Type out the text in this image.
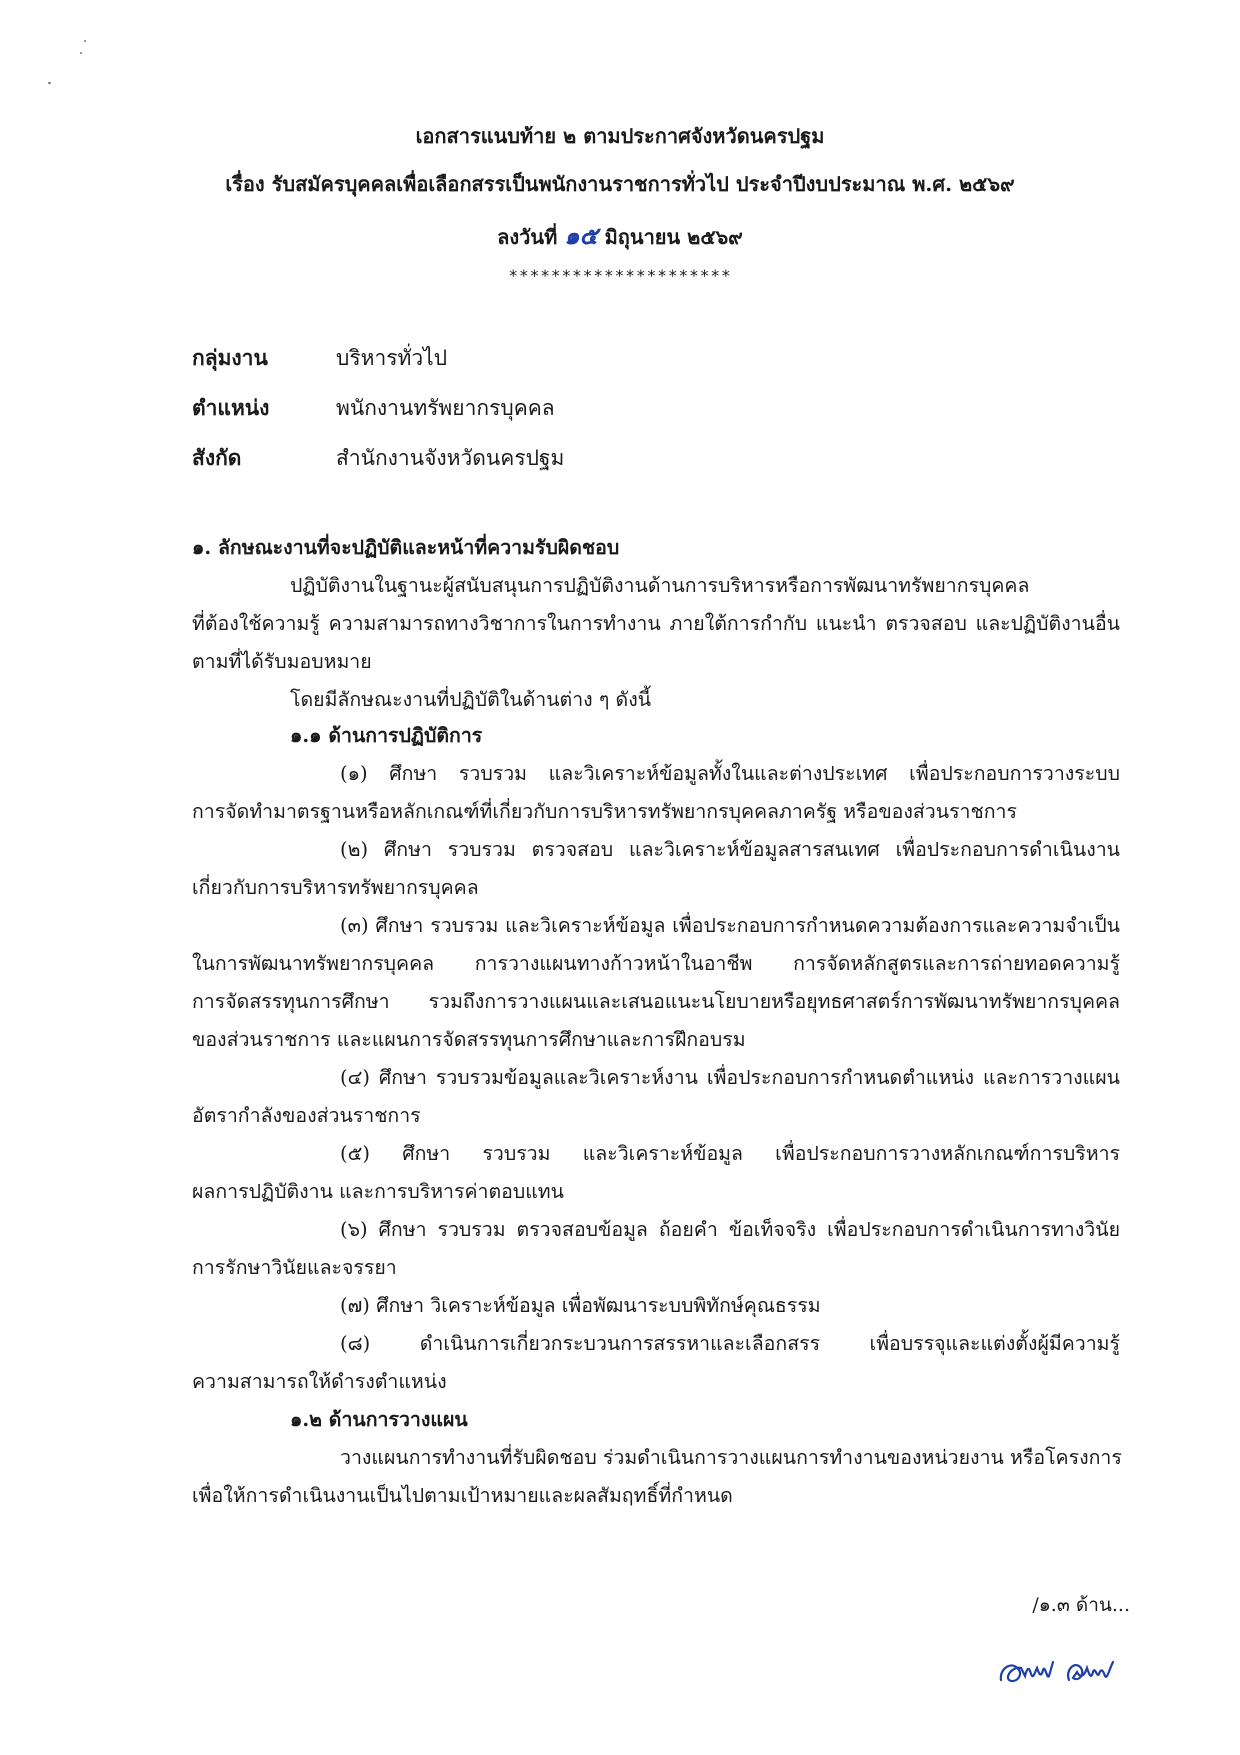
เอกสารแนบท้าย ๒ ตามประกาศจังหวัดนครปฐม
เรื่อง รับสมัครบุคคลเพื่อเลือกสรรเป็นพนักงานราชการทั่วไป ประจำปีงบประมาณ พ.ศ. ๒๕๖๙
ลงวันที่ ๑๕ มิถุนายน ๒๕๖๙
*********************
กลุ่มงาน	บริหารทั่วไป
ตำแหน่ง	พนักงานทรัพยากรบุคคล
สังกัด	สำนักงานจังหวัดนครปฐม
๑. ลักษณะงานที่จะปฏิบัติและหน้าที่ความรับผิดชอบ
ปฏิบัติงานในฐานะผู้สนับสนุนการปฏิบัติงานด้านการบริหารหรือการพัฒนาทรัพยากรบุคคล
ที่ต้องใช้ความรู้ ความสามารถทางวิชาการในการทำงาน ภายใต้การกำกับ แนะนำ ตรวจสอบ และปฏิบัติงานอื่น
ตามที่ได้รับมอบหมาย
โดยมีลักษณะงานที่ปฏิบัติในด้านต่าง ๆ ดังนี้
๑.๑ ด้านการปฏิบัติการ
(๑) ศึกษา รวบรวม และวิเคราะห์ข้อมูลทั้งในและต่างประเทศ เพื่อประกอบการวางระบบ
การจัดทำมาตรฐานหรือหลักเกณฑ์ที่เกี่ยวกับการบริหารทรัพยากรบุคคลภาครัฐ หรือของส่วนราชการ
(๒) ศึกษา รวบรวม ตรวจสอบ และวิเคราะห์ข้อมูลสารสนเทศ เพื่อประกอบการดำเนินงาน
เกี่ยวกับการบริหารทรัพยากรบุคคล
(๓) ศึกษา รวบรวม และวิเคราะห์ข้อมูล เพื่อประกอบการกำหนดความต้องการและความจำเป็น
ในการพัฒนาทรัพยากรบุคคล การวางแผนทางก้าวหน้าในอาชีพ การจัดหลักสูตรและการถ่ายทอดความรู้
การจัดสรรทุนการศึกษา รวมถึงการวางแผนและเสนอแนะนโยบายหรือยุทธศาสตร์การพัฒนาทรัพยากรบุคคล
ของส่วนราชการ และแผนการจัดสรรทุนการศึกษาและการฝึกอบรม
(๔) ศึกษา รวบรวมข้อมูลและวิเคราะห์งาน เพื่อประกอบการกำหนดตำแหน่ง และการวางแผน
อัตรากำลังของส่วนราชการ
(๕) ศึกษา รวบรวม และวิเคราะห์ข้อมูล เพื่อประกอบการวางหลักเกณฑ์การบริหาร
ผลการปฏิบัติงาน และการบริหารค่าตอบแทน
(๖) ศึกษา รวบรวม ตรวจสอบข้อมูล ถ้อยคำ ข้อเท็จจริง เพื่อประกอบการดำเนินการทางวินัย
การรักษาวินัยและจรรยา
(๗) ศึกษา วิเคราะห์ข้อมูล เพื่อพัฒนาระบบพิทักษ์คุณธรรม
(๘) ดำเนินการเกี่ยวกระบวนการสรรหาและเลือกสรร เพื่อบรรจุและแต่งตั้งผู้มีความรู้
ความสามารถให้ดำรงตำแหน่ง
๑.๒ ด้านการวางแผน
วางแผนการทำงานที่รับผิดชอบ ร่วมดำเนินการวางแผนการทำงานของหน่วยงาน หรือโครงการ
เพื่อให้การดำเนินงานเป็นไปตามเป้าหมายและผลสัมฤทธิ์ที่กำหนด
/๑.๓ ด้าน...
